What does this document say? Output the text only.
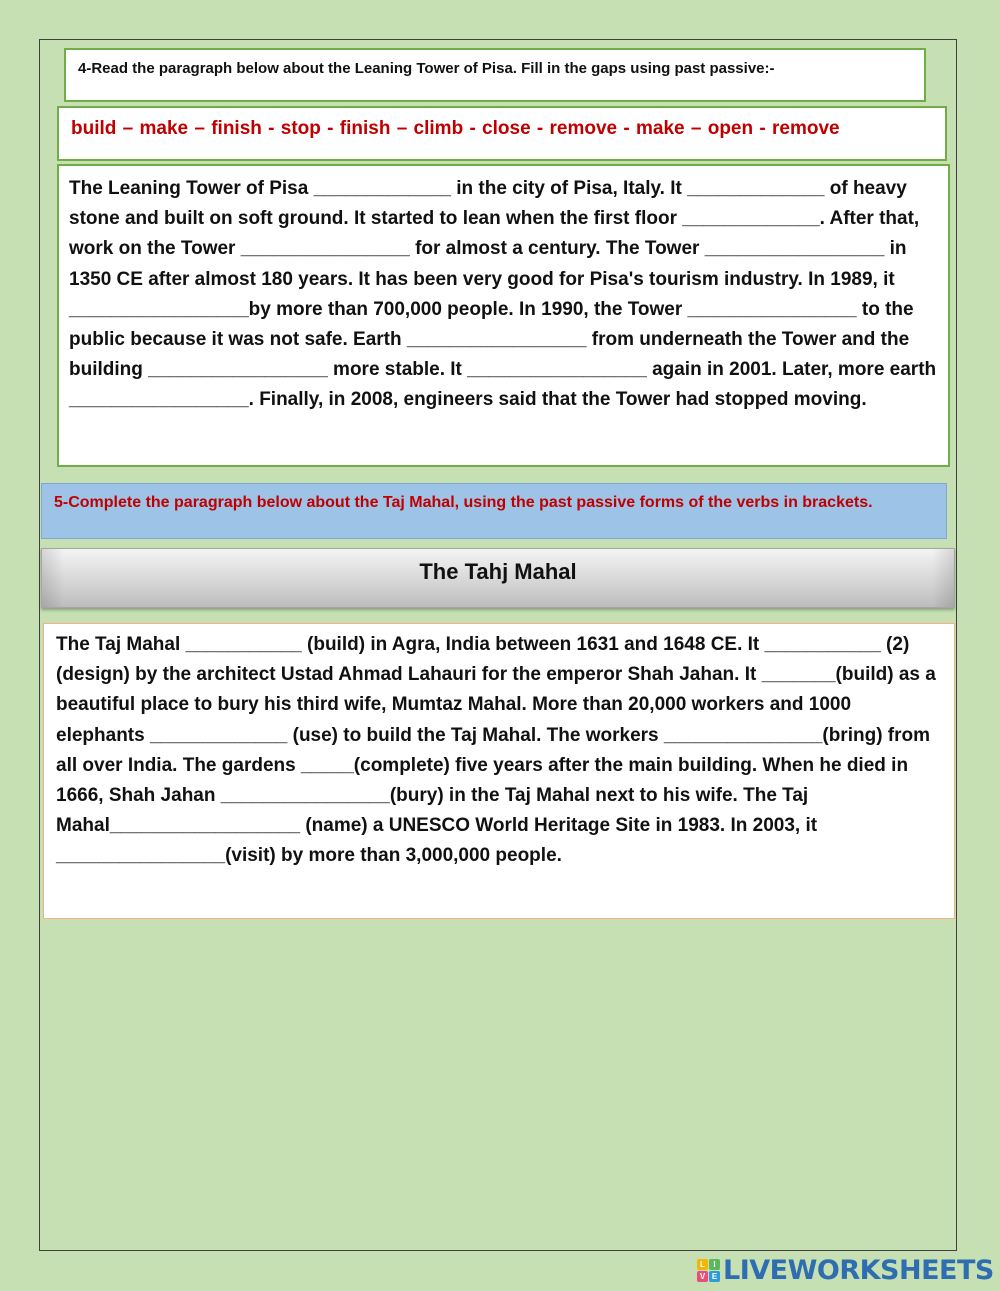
4-Read the paragraph below about the Leaning Tower of Pisa. Fill in the gaps using past passive:-
build – make – finish - stop - finish – climb - close - remove - make – open - remove
The Leaning Tower of Pisa _____________ in the city of Pisa, Italy. It _____________ of heavy stone and built on soft ground. It started to lean when the first floor _____________. After that, work on the Tower ________________ for almost a century. The Tower _________________ in 1350 CE after almost 180 years. It has been very good for Pisa's tourism industry. In 1989, it _________________by more than 700,000 people. In 1990, the Tower ________________ to the public because it was not safe. Earth _________________ from underneath the Tower and the building _________________ more stable. It _________________ again in 2001. Later, more earth _________________. Finally, in 2008, engineers said that the Tower had stopped moving.
5-Complete the paragraph below about the Taj Mahal, using the past passive forms of the verbs in brackets.
The Tahj Mahal
The Taj Mahal ___________ (build) in Agra, India between 1631 and 1648 CE. It ___________ (2) (design) by the architect Ustad Ahmad Lahauri for the emperor Shah Jahan. It _______(build) as a beautiful place to bury his third wife, Mumtaz Mahal. More than 20,000 workers and 1000 elephants _____________ (use) to build the Taj Mahal. The workers _______________(bring) from all over India. The gardens _____(complete) five years after the main building. When he died in 1666, Shah Jahan ________________(bury) in the Taj Mahal next to his wife. The Taj Mahal__________________ (name) a UNESCO World Heritage Site in 1983. In 2003, it ________________(visit) by more than 3,000,000 people.
L	I
V E LIVEWORKSHEETS
